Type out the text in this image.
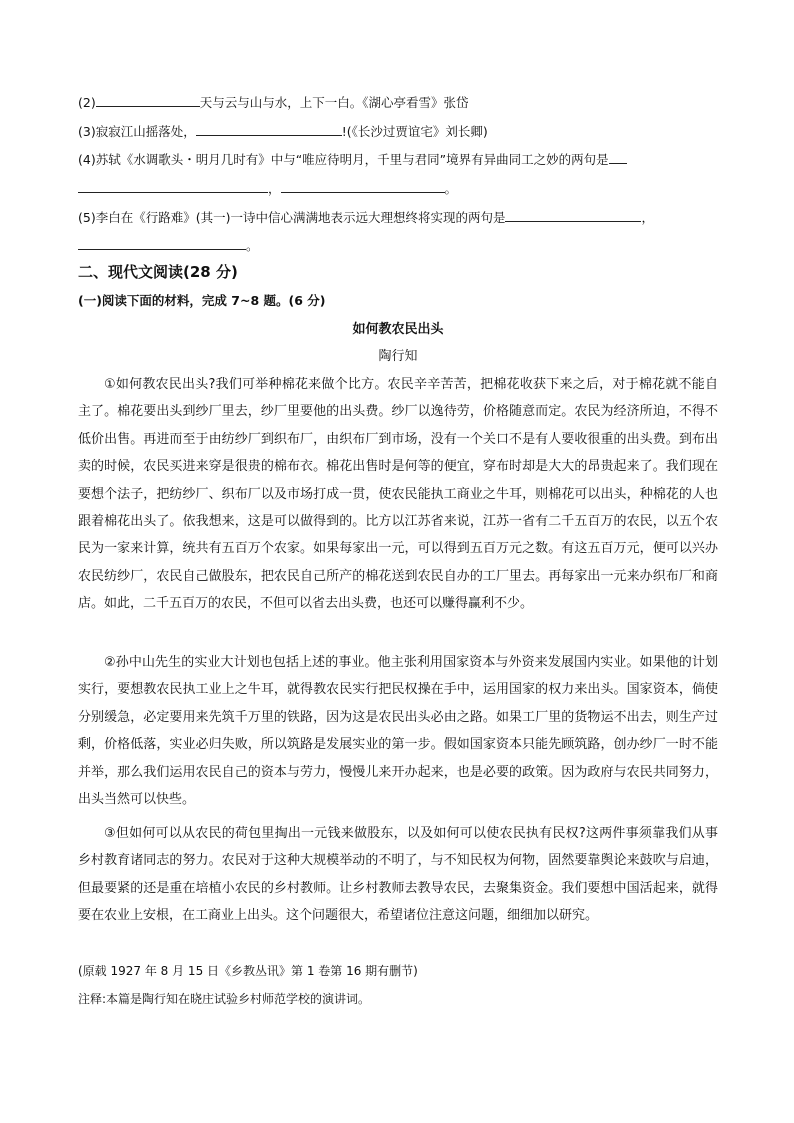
(2)	天与云与山与水，上下一白。《湖心亭看雪》张岱
(3)寂寂江山摇落处，	!(《长沙过贾谊宅》刘长卿)
(4)苏轼《水调歌头・明月几时有》中与“唯应待明月，千里与君同”境界有异曲同工之妙的两句是
，	。
(5)李白在《行路难》(其一)一诗中信心满满地表示远大理想终将实现的两句是	，
。
二、现代文阅读(28 分)
(一)阅读下面的材料，完成 7~8 题。(6 分)
如何教农民出头
陶行知
①如何教农民出头?我们可举种棉花来做个比方。农民辛辛苦苦，把棉花收获下来之后，对于棉花就不能自主了。棉花要出头到纱厂里去，纱厂里要他的出头费。纱厂以逸待劳，价格随意而定。农民为经济所迫，不得不低价出售。再进而至于由纺纱厂到织布厂，由织布厂到市场，没有一个关口不是有人要收很重的出头费。到布出卖的时候，农民买进来穿是很贵的棉布衣。棉花出售时是何等的便宜，穿布时却是大大的昂贵起来了。我们现在要想个法子，把纺纱厂、织布厂以及市场打成一贯，使农民能执工商业之牛耳，则棉花可以出头，种棉花的人也跟着棉花出头了。依我想来，这是可以做得到的。比方以江苏省来说，江苏一省有二千五百万的农民，以五个农民为一家来计算，统共有五百万个农家。如果每家出一元，可以得到五百万元之数。有这五百万元，便可以兴办农民纺纱厂，农民自己做股东，把农民自己所产的棉花送到农民自办的工厂里去。再每家出一元来办织布厂和商店。如此，二千五百万的农民，不但可以省去出头费，也还可以赚得赢利不少。
②孙中山先生的实业大计划也包括上述的事业。他主张利用国家资本与外资来发展国内实业。如果他的计划实行，要想教农民执工业上之牛耳，就得教农民实行把民权操在手中，运用国家的权力来出头。国家资本，倘使分别缓急，必定要用来先筑千万里的铁路，因为这是农民出头必由之路。如果工厂里的货物运不出去，则生产过剩，价格低落，实业必归失败，所以筑路是发展实业的第一步。假如国家资本只能先顾筑路，创办纱厂一时不能并举，那么我们运用农民自己的资本与劳力，慢慢儿来开办起来，也是必要的政策。因为政府与农民共同努力，出头当然可以快些。
③但如何可以从农民的荷包里掏出一元钱来做股东，以及如何可以使农民执有民权?这两件事须靠我们从事乡村教育诸同志的努力。农民对于这种大规模举动的不明了，与不知民权为何物，固然要靠舆论来鼓吹与启迪，但最要紧的还是重在培植小农民的乡村教师。让乡村教师去教导农民，去聚集资金。我们要想中国活起来，就得要在农业上安根，在工商业上出头。这个问题很大，希望诸位注意这问题，细细加以研究。
(原载 1927 年 8 月 15 日《乡教丛讯》第 1 卷第 16 期有删节)
注释:本篇是陶行知在晓庄试验乡村师范学校的演讲词。
